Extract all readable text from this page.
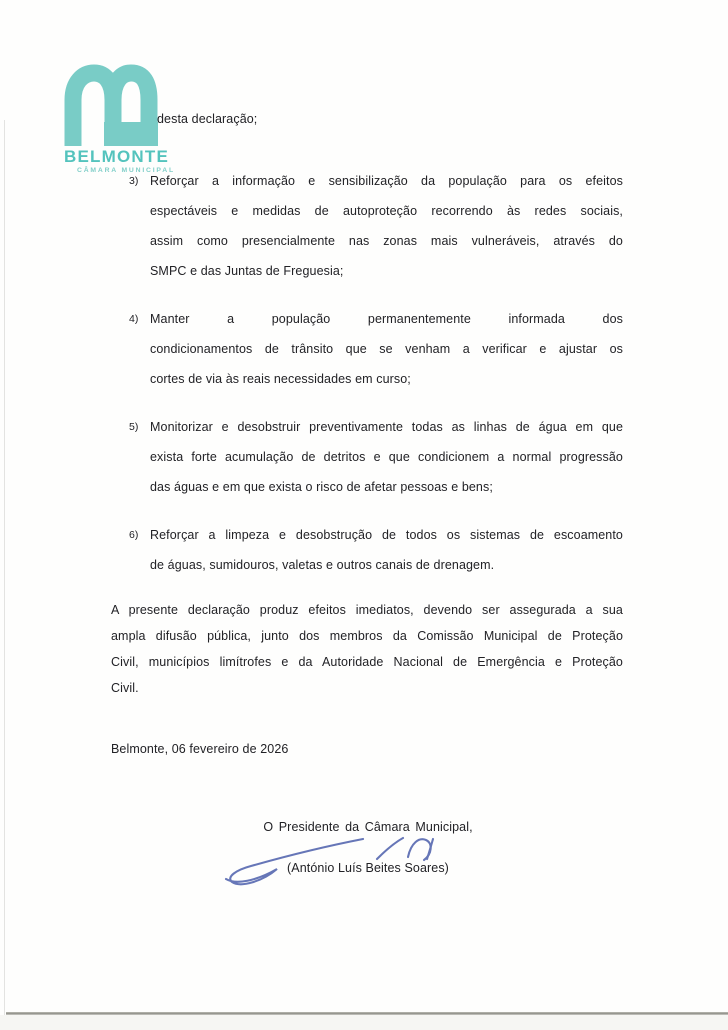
BELMONTE
CÂMARA MUNICIPAL
desta declaração;
3) Reforçar a informação e sensibilização da população para os efeitos
espectáveis e medidas de autoproteção recorrendo às redes sociais,
assim como presencialmente nas zonas mais vulneráveis, através do
SMPC e das Juntas de Freguesia;
4) Manter a população permanentemente informada dos
condicionamentos de trânsito que se venham a verificar e ajustar os
cortes de via às reais necessidades em curso;
5) Monitorizar e desobstruir preventivamente todas as linhas de água em que
exista forte acumulação de detritos e que condicionem a normal progressão
das águas e em que exista o risco de afetar pessoas e bens;
6) Reforçar a limpeza e desobstrução de todos os sistemas de escoamento
de águas, sumidouros, valetas e outros canais de drenagem.
A presente declaração produz efeitos imediatos, devendo ser assegurada a sua
ampla difusão pública, junto dos membros da Comissão Municipal de Proteção
Civil, municípios limítrofes e da Autoridade Nacional de Emergência e Proteção
Civil.
Belmonte, 06 fevereiro de 2026
O Presidente da Câmara Municipal,
(António Luís Beites Soares)
